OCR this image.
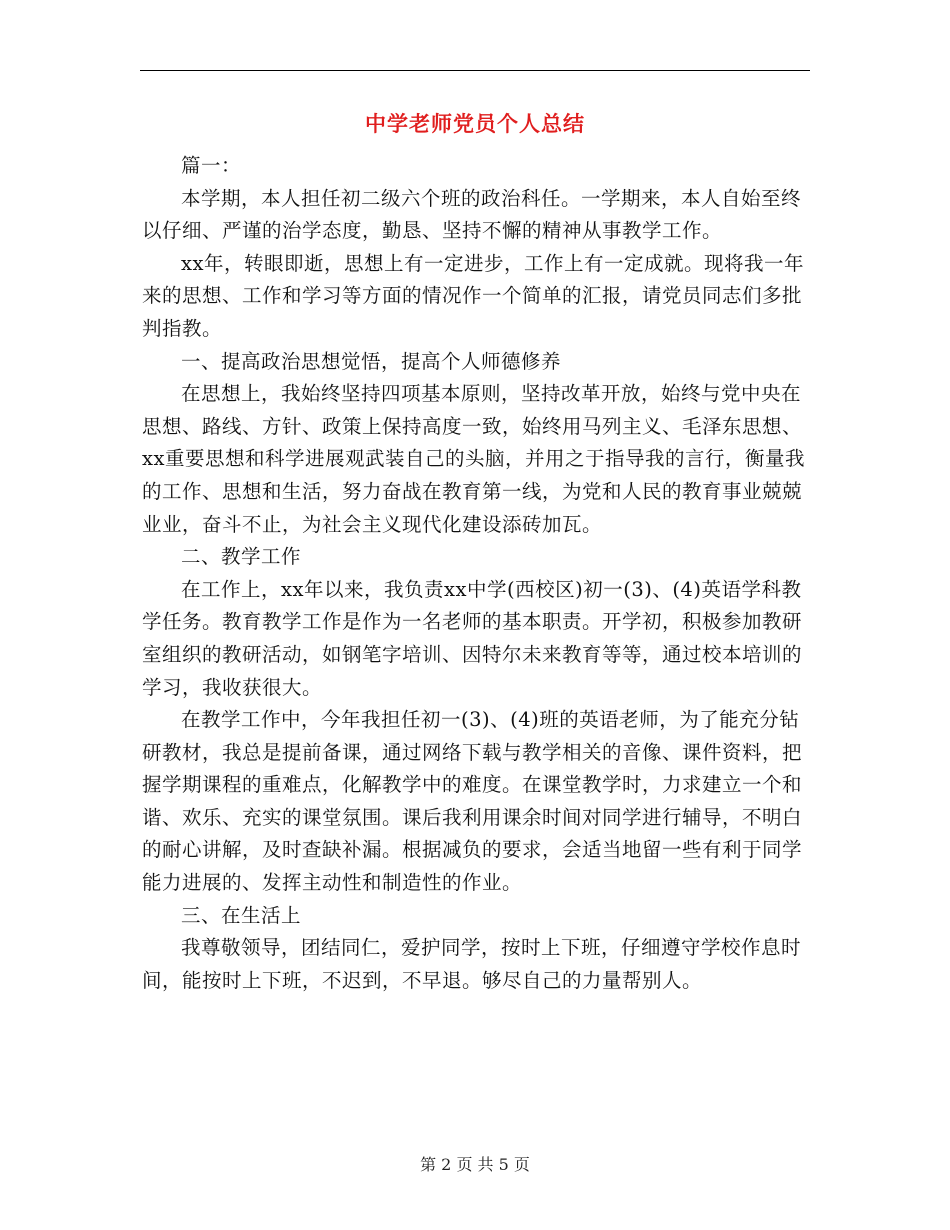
中学老师党员个人总结

篇一：

本学期，本人担任初二级六个班的政治科任。一学期来，本人自始至终以仔细、严谨的治学态度，勤恳、坚持不懈的精神从事教学工作。

xx年，转眼即逝，思想上有一定进步，工作上有一定成就。现将我一年来的思想、工作和学习等方面的情况作一个简单的汇报，请党员同志们多批判指教。

一、提高政治思想觉悟，提高个人师德修养

在思想上，我始终坚持四项基本原则，坚持改革开放，始终与党中央在思想、路线、方针、政策上保持高度一致，始终用马列主义、毛泽东思想、xx重要思想和科学进展观武装自己的头脑，并用之于指导我的言行，衡量我的工作、思想和生活，努力奋战在教育第一线，为党和人民的教育事业兢兢业业，奋斗不止，为社会主义现代化建设添砖加瓦。

二、教学工作

在工作上，xx年以来，我负责xx中学(西校区)初一(3)、(4)英语学科教学任务。教育教学工作是作为一名老师的基本职责。开学初，积极参加教研室组织的教研活动，如钢笔字培训、因特尔未来教育等等，通过校本培训的学习，我收获很大。

在教学工作中，今年我担任初一(3)、(4)班的英语老师，为了能充分钻研教材，我总是提前备课，通过网络下载与教学相关的音像、课件资料，把握学期课程的重难点，化解教学中的难度。在课堂教学时，力求建立一个和谐、欢乐、充实的课堂氛围。课后我利用课余时间对同学进行辅导，不明白的耐心讲解，及时查缺补漏。根据减负的要求，会适当地留一些有利于同学能力进展的、发挥主动性和制造性的作业。

三、在生活上

我尊敬领导，团结同仁，爱护同学，按时上下班，仔细遵守学校作息时间，能按时上下班，不迟到，不早退。够尽自己的力量帮别人。

第 2 页 共 5 页
